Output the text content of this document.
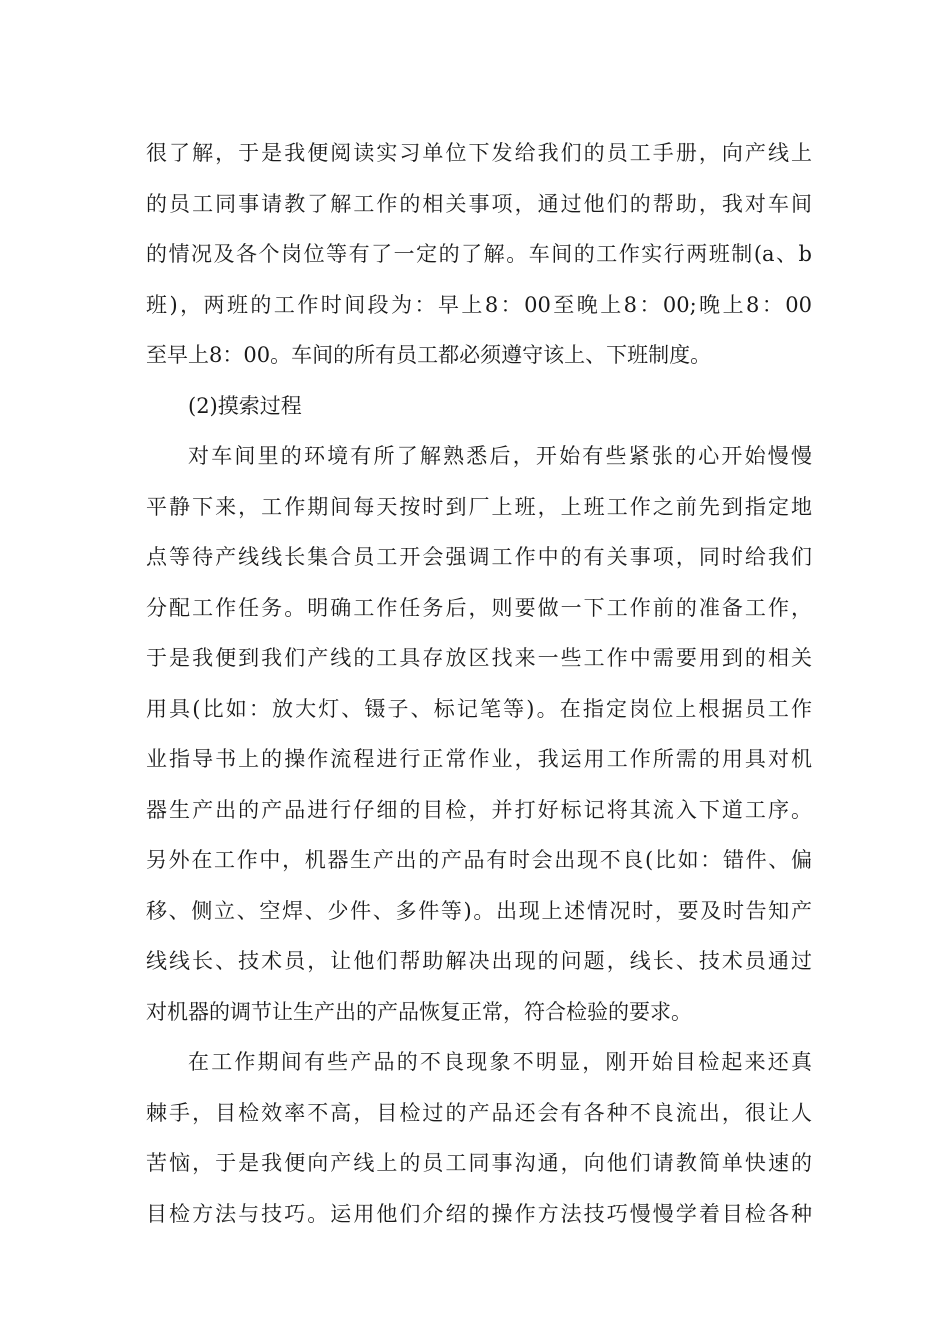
很了解，于是我便阅读实习单位下发给我们的员工手册，向产线上
的员工同事请教了解工作的相关事项，通过他们的帮助，我对车间
的情况及各个岗位等有了一定的了解。车间的工作实行两班制(a、b
班)，两班的工作时间段为：早上8：00至晚上8：00;晚上8：00
至早上8：00。车间的所有员工都必须遵守该上、下班制度。
(2)摸索过程
对车间里的环境有所了解熟悉后，开始有些紧张的心开始慢慢
平静下来，工作期间每天按时到厂上班，上班工作之前先到指定地
点等待产线线长集合员工开会强调工作中的有关事项，同时给我们
分配工作任务。明确工作任务后，则要做一下工作前的准备工作，
于是我便到我们产线的工具存放区找来一些工作中需要用到的相关
用具(比如：放大灯、镊子、标记笔等)。在指定岗位上根据员工作
业指导书上的操作流程进行正常作业，我运用工作所需的用具对机
器生产出的产品进行仔细的目检，并打好标记将其流入下道工序。
另外在工作中，机器生产出的产品有时会出现不良(比如：错件、偏
移、侧立、空焊、少件、多件等)。出现上述情况时，要及时告知产
线线长、技术员，让他们帮助解决出现的问题，线长、技术员通过
对机器的调节让生产出的产品恢复正常，符合检验的要求。
在工作期间有些产品的不良现象不明显，刚开始目检起来还真
棘手，目检效率不高，目检过的产品还会有各种不良流出，很让人
苦恼，于是我便向产线上的员工同事沟通，向他们请教简单快速的
目检方法与技巧。运用他们介绍的操作方法技巧慢慢学着目检各种
